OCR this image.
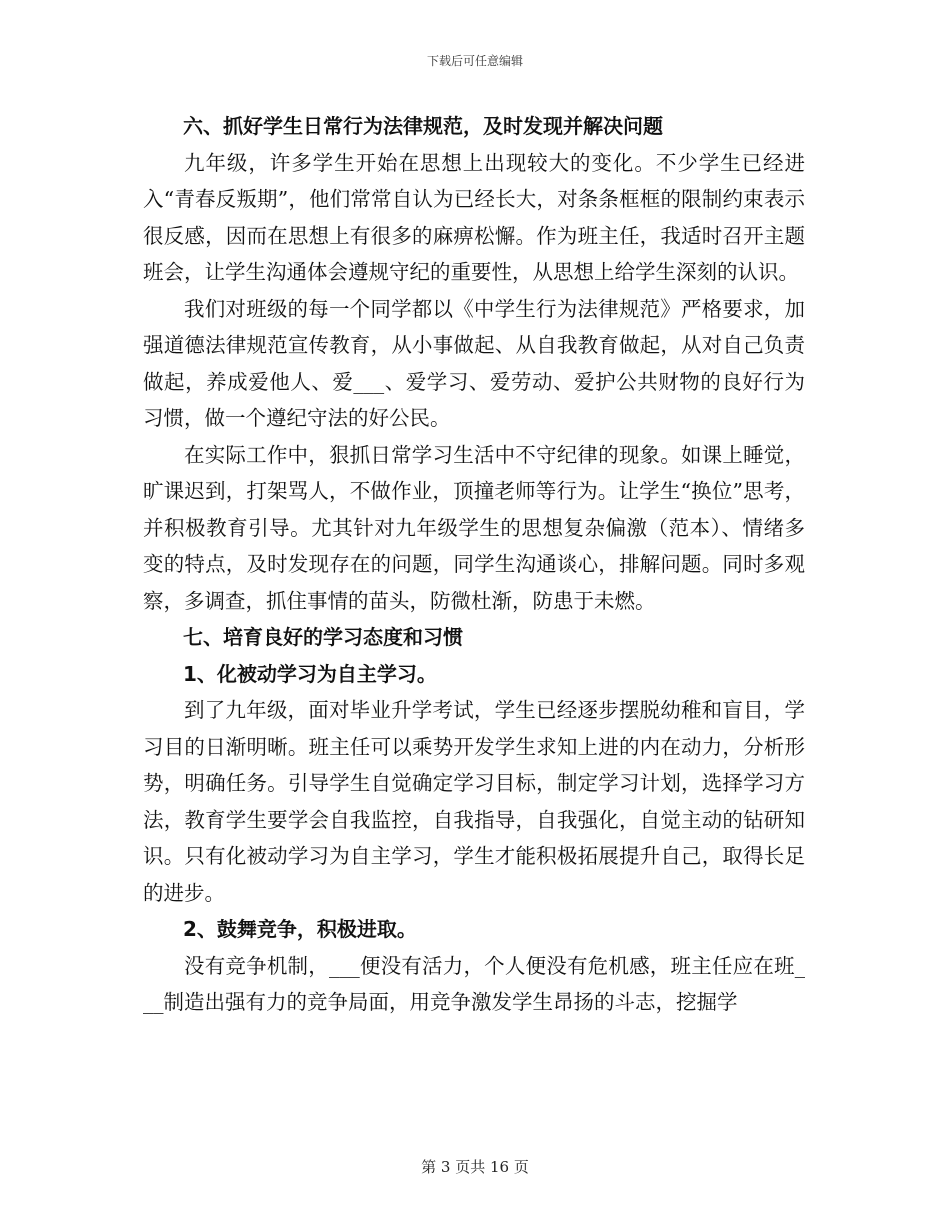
下载后可任意编辑

六、抓好学生日常行为法律规范，及时发现并解决问题

九年级，许多学生开始在思想上出现较大的变化。不少学生已经进入“青春反叛期”，他们常常自认为已经长大，对条条框框的限制约束表示很反感，因而在思想上有很多的麻痹松懈。作为班主任，我适时召开主题班会，让学生沟通体会遵规守纪的重要性，从思想上给学生深刻的认识。

我们对班级的每一个同学都以《中学生行为法律规范》严格要求，加强道德法律规范宣传教育，从小事做起、从自我教育做起，从对自己负责做起，养成爱他人、爱___、爱学习、爱劳动、爱护公共财物的良好行为习惯，做一个遵纪守法的好公民。

在实际工作中，狠抓日常学习生活中不守纪律的现象。如课上睡觉，旷课迟到，打架骂人，不做作业，顶撞老师等行为。让学生“换位”思考，并积极教育引导。尤其针对九年级学生的思想复杂偏激（范本）、情绪多变的特点，及时发现存在的问题，同学生沟通谈心，排解问题。同时多观察，多调查，抓住事情的苗头，防微杜渐，防患于未燃。

七、培育良好的学习态度和习惯

1、化被动学习为自主学习。

到了九年级，面对毕业升学考试，学生已经逐步摆脱幼稚和盲目，学习目的日渐明晰。班主任可以乘势开发学生求知上进的内在动力，分析形势，明确任务。引导学生自觉确定学习目标，制定学习计划，选择学习方法，教育学生要学会自我监控，自我指导，自我强化，自觉主动的钻研知识。只有化被动学习为自主学习，学生才能积极拓展提升自己，取得长足的进步。

2、鼓舞竞争，积极进取。

没有竞争机制，___便没有活力，个人便没有危机感，班主任应在班___制造出强有力的竞争局面，用竞争激发学生昂扬的斗志，挖掘学

第 3 页共 16 页
